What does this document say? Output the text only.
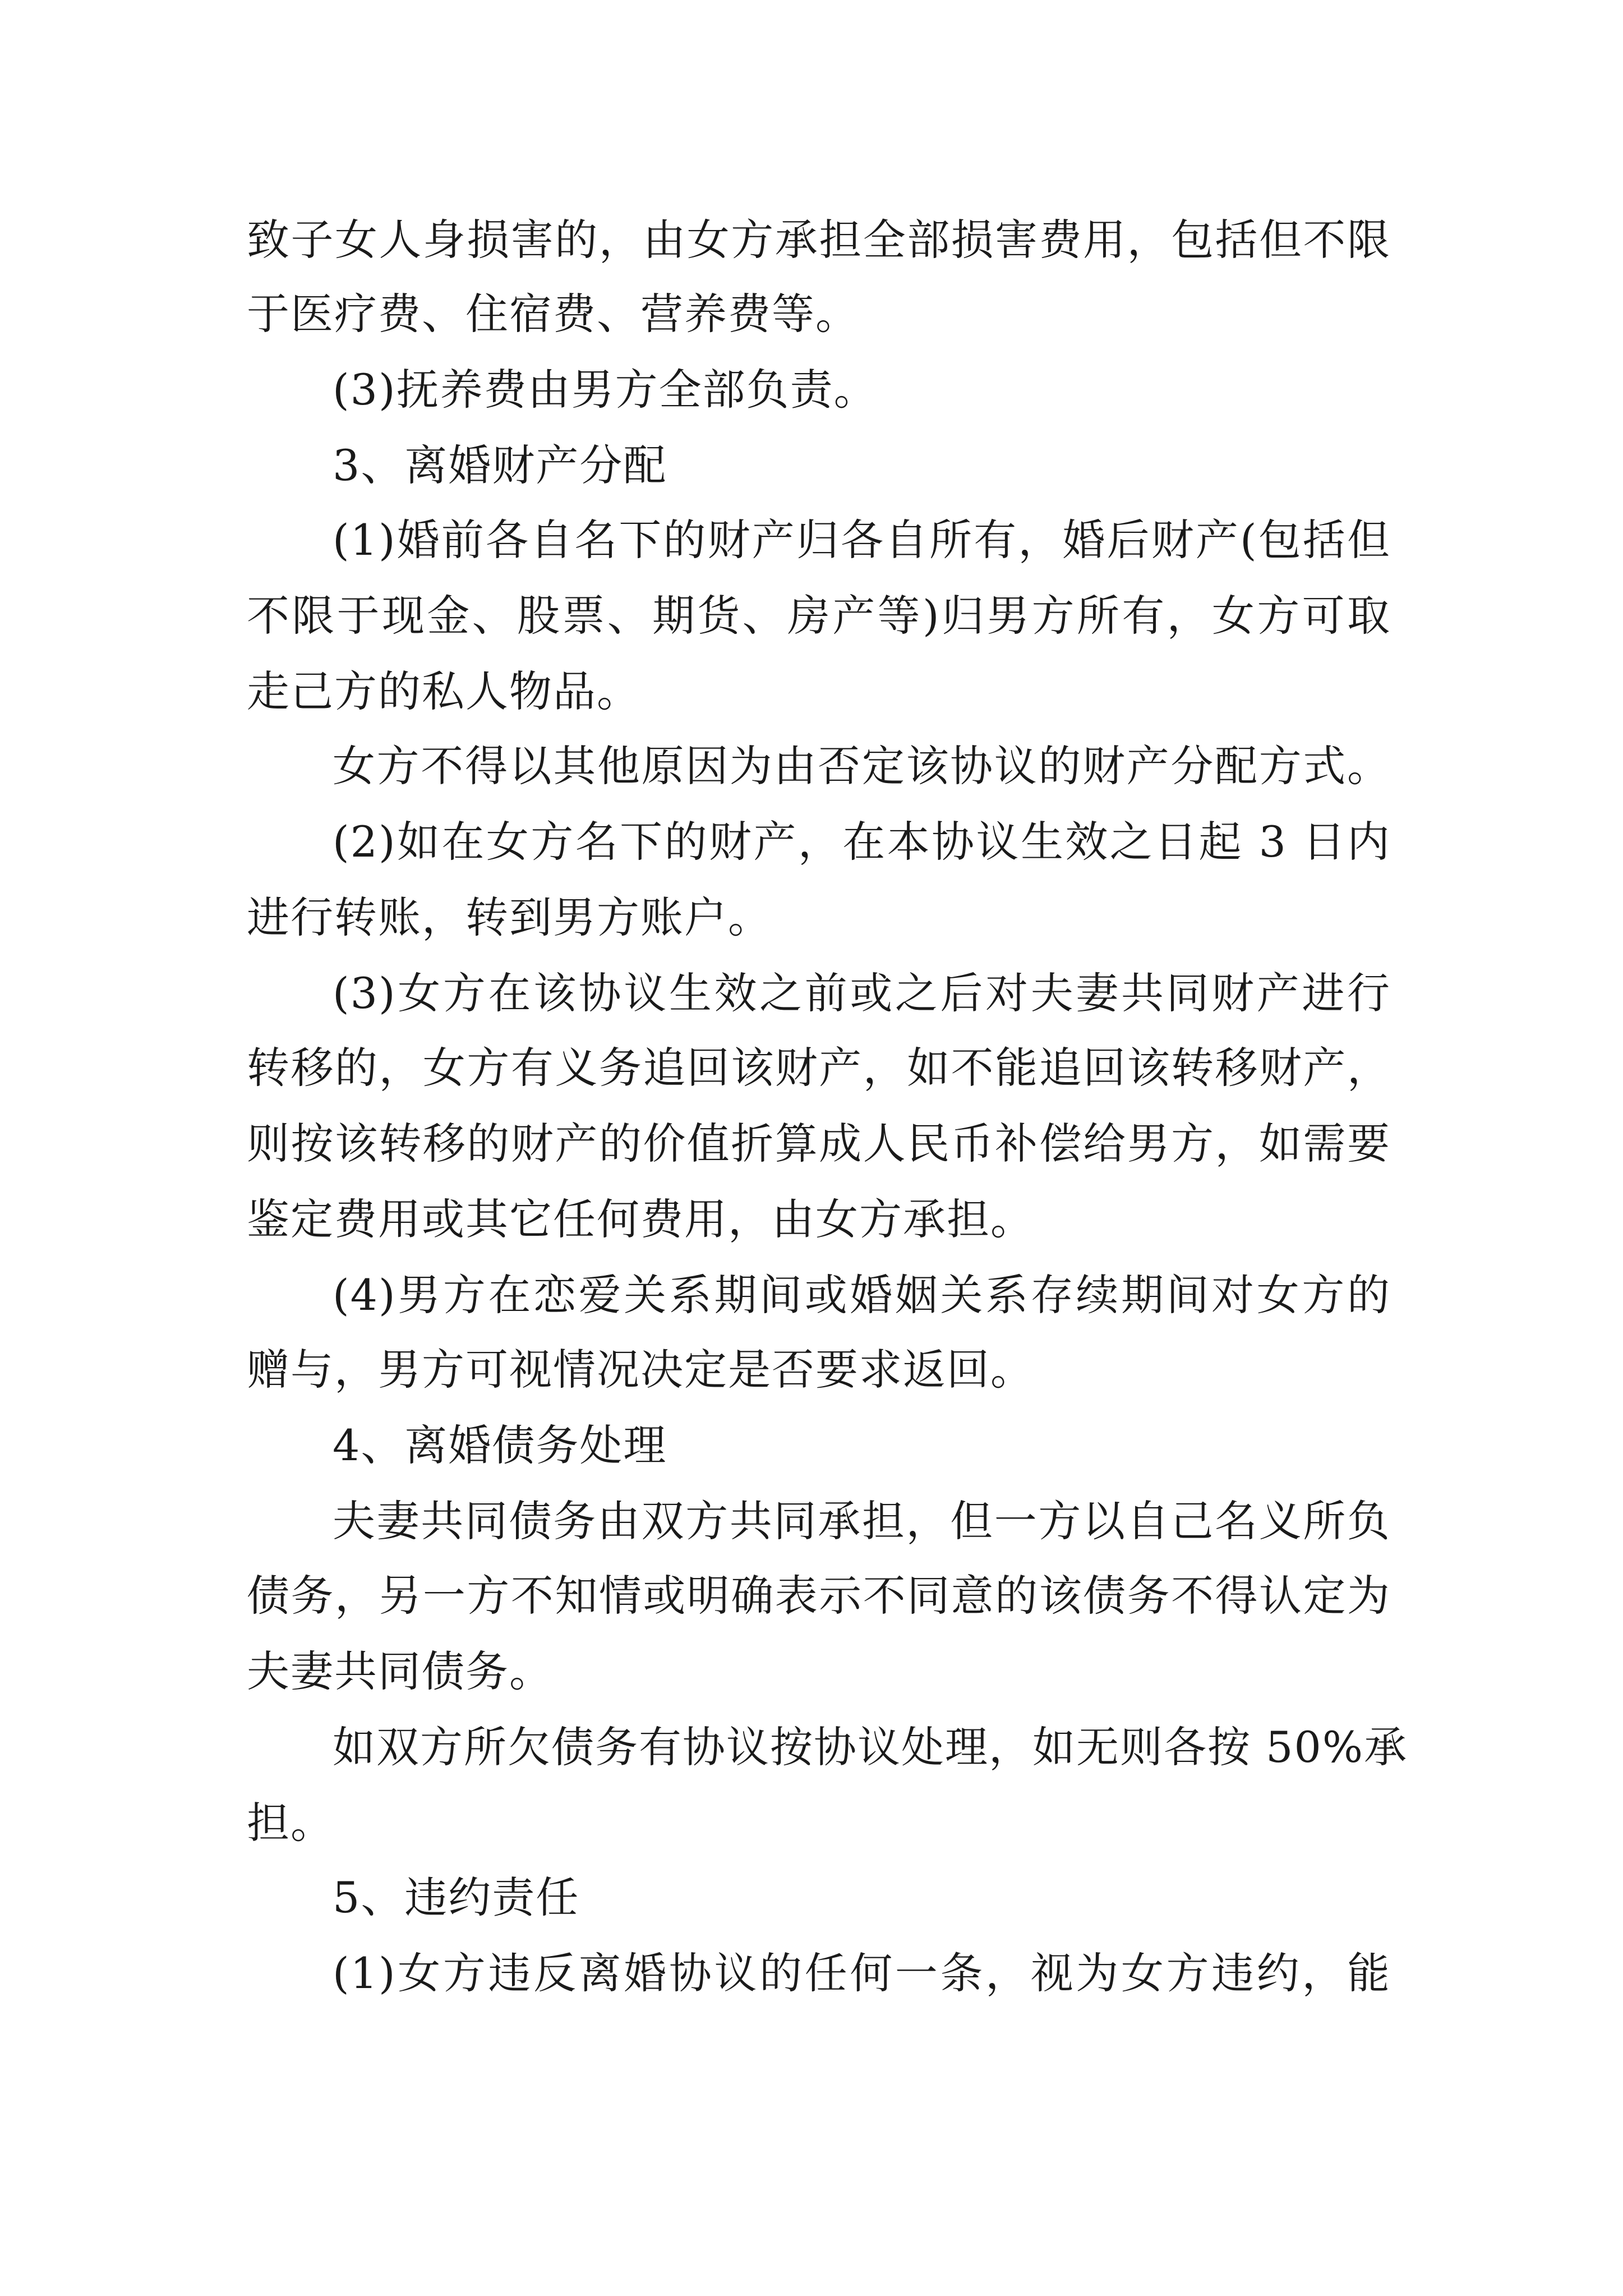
致子女人身损害的，由女方承担全部损害费用，包括但不限
于医疗费、住宿费、营养费等。
(3)抚养费由男方全部负责。
3、离婚财产分配
(1)婚前各自名下的财产归各自所有，婚后财产(包括但
不限于现金、股票、期货、房产等)归男方所有，女方可取
走己方的私人物品。
女方不得以其他原因为由否定该协议的财产分配方式。
(2)如在女方名下的财产，在本协议生效之日起 3 日内
进行转账，转到男方账户。
(3)女方在该协议生效之前或之后对夫妻共同财产进行
转移的，女方有义务追回该财产，如不能追回该转移财产，
则按该转移的财产的价值折算成人民币补偿给男方，如需要
鉴定费用或其它任何费用，由女方承担。
(4)男方在恋爱关系期间或婚姻关系存续期间对女方的
赠与，男方可视情况决定是否要求返回。
4、离婚债务处理
夫妻共同债务由双方共同承担，但一方以自己名义所负
债务，另一方不知情或明确表示不同意的该债务不得认定为
夫妻共同债务。
如双方所欠债务有协议按协议处理，如无则各按 50%承
担。
5、违约责任
(1)女方违反离婚协议的任何一条，视为女方违约，能
